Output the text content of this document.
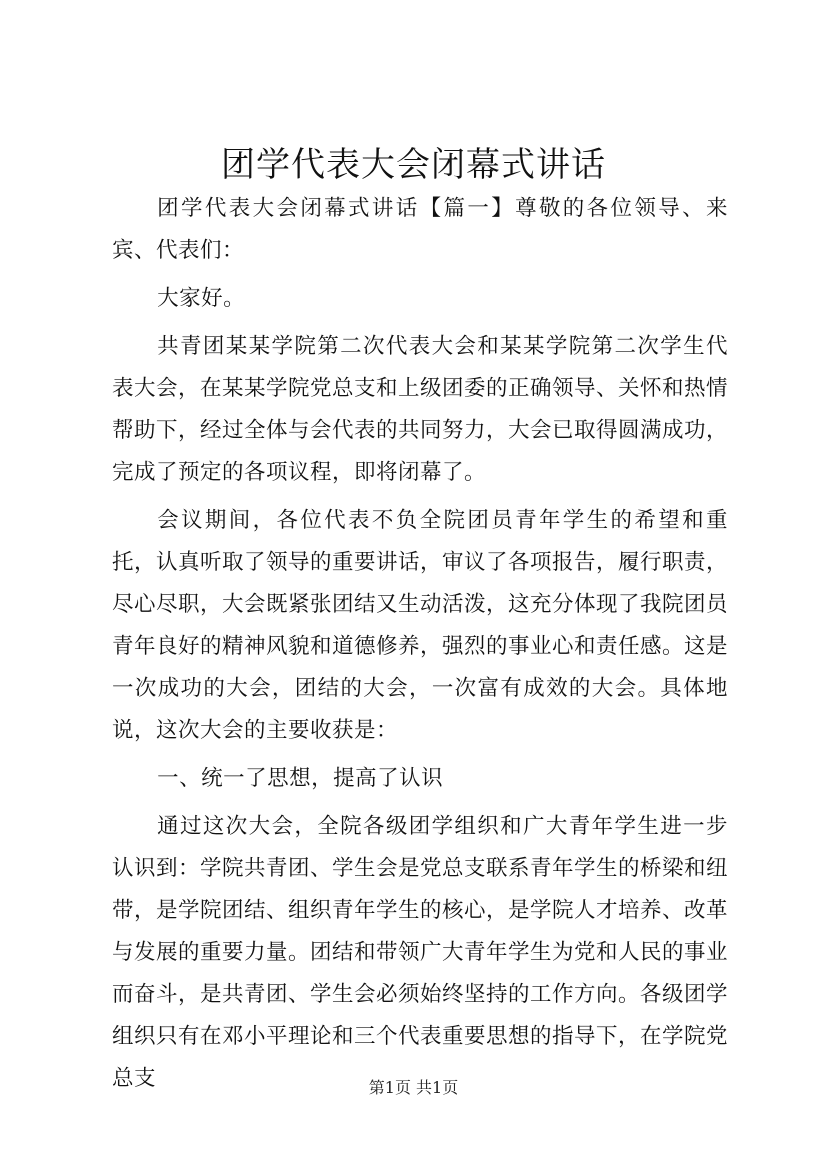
团学代表大会闭幕式讲话

团学代表大会闭幕式讲话【篇一】尊敬的各位领导、来宾、代表们：

大家好。

共青团某某学院第二次代表大会和某某学院第二次学生代表大会，在某某学院党总支和上级团委的正确领导、关怀和热情帮助下，经过全体与会代表的共同努力，大会已取得圆满成功，完成了预定的各项议程，即将闭幕了。

会议期间，各位代表不负全院团员青年学生的希望和重托，认真听取了领导的重要讲话，审议了各项报告，履行职责，尽心尽职，大会既紧张团结又生动活泼，这充分体现了我院团员青年良好的精神风貌和道德修养，强烈的事业心和责任感。这是一次成功的大会，团结的大会，一次富有成效的大会。具体地说，这次大会的主要收获是：

一、统一了思想，提高了认识

通过这次大会，全院各级团学组织和广大青年学生进一步认识到：学院共青团、学生会是党总支联系青年学生的桥梁和纽带，是学院团结、组织青年学生的核心，是学院人才培养、改革与发展的重要力量。团结和带领广大青年学生为党和人民的事业而奋斗，是共青团、学生会必须始终坚持的工作方向。各级团学组织只有在邓小平理论和三个代表重要思想的指导下，在学院党总支	第1页 共1页
